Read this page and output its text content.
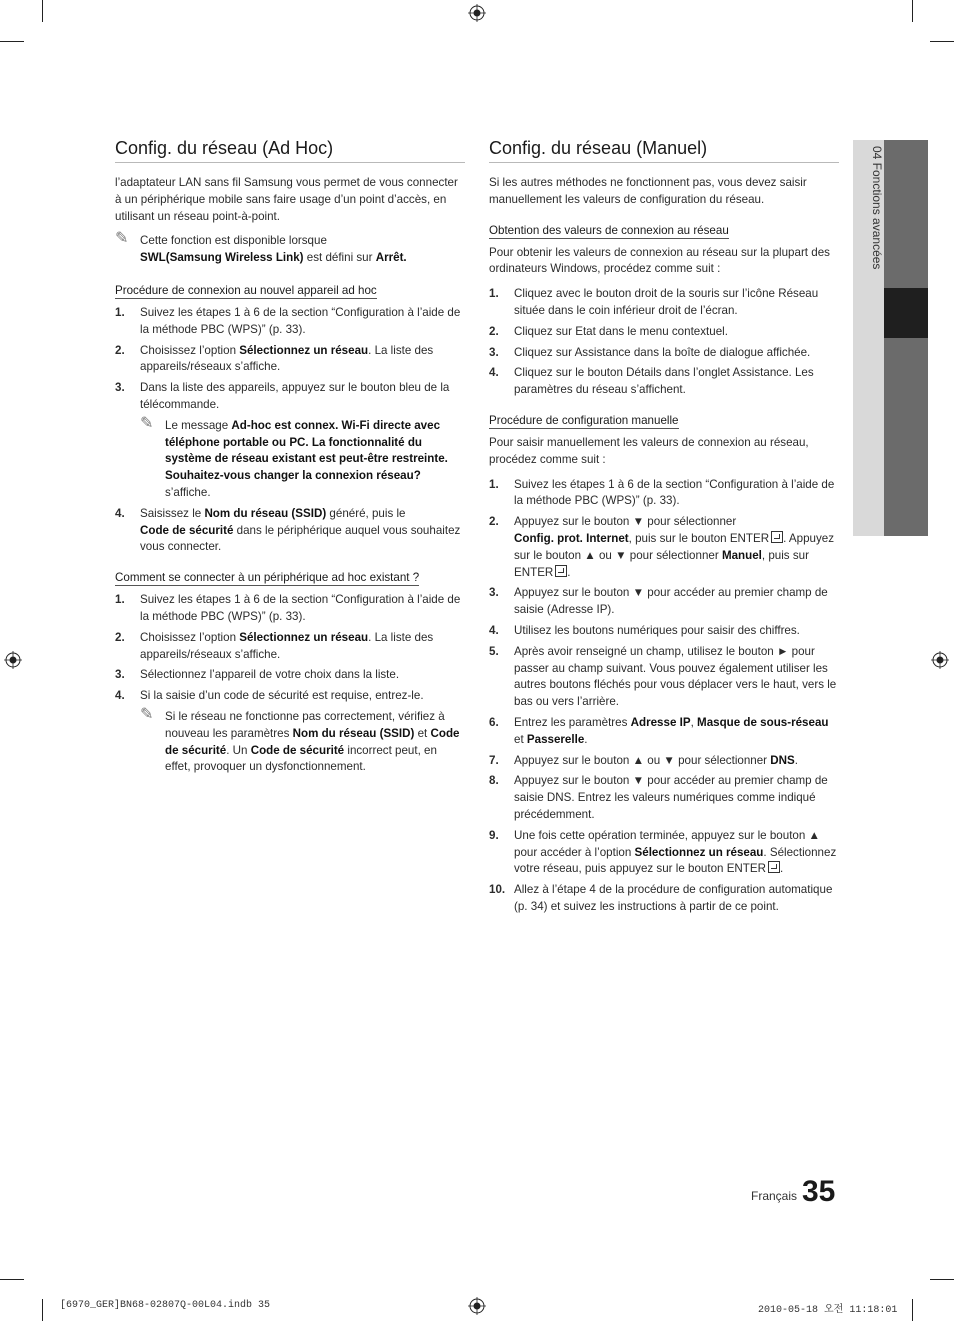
04 Fonctions avancées
Config. du réseau (Ad Hoc)

l’adaptateur LAN sans fil Samsung vous permet de vous connecter à un périphérique mobile sans faire usage d’un point d’accès, en utilisant un réseau point-à-point.

✎ Cette fonction est disponible lorsque
SWL(Samsung Wireless Link) est défini sur Arrêt.
Procédure de connexion au nouvel appareil ad hoc
1. Suivez les étapes 1 à 6 de la section “Configuration à l’aide de la méthode PBC (WPS)” (p. 33).
2. Choisissez l’option Sélectionnez un réseau. La liste des appareils/réseaux s’affiche.
3. Dans la liste des appareils, appuyez sur le bouton bleu de la télécommande.
✎ Le message Ad-hoc est connex. Wi-Fi directe avec téléphone portable ou PC. La fonctionnalité du système de réseau existant est peut-être restreinte. Souhaitez-vous changer la connexion réseau? s’affiche.
4. Saisissez le Nom du réseau (SSID) généré, puis le
Code de sécurité dans le périphérique auquel vous souhaitez vous connecter.
Comment se connecter à un périphérique ad hoc existant ?
1. Suivez les étapes 1 à 6 de la section “Configuration à l’aide de la méthode PBC (WPS)” (p. 33).
2. Choisissez l’option Sélectionnez un réseau. La liste des appareils/réseaux s’affiche.
3. Sélectionnez l’appareil de votre choix dans la liste.
4. Si la saisie d’un code de sécurité est requise, entrez-le.
✎ Si le réseau ne fonctionne pas correctement, vérifiez à nouveau les paramètres Nom du réseau (SSID) et Code de sécurité. Un Code de sécurité incorrect peut, en effet, provoquer un dysfonctionnement.
Config. du réseau (Manuel)

Si les autres méthodes ne fonctionnent pas, vous devez saisir manuellement les valeurs de configuration du réseau.

Obtention des valeurs de connexion au réseau

Pour obtenir les valeurs de connexion au réseau sur la plupart des ordinateurs Windows, procédez comme suit :

1. Cliquez avec le bouton droit de la souris sur l’icône Réseau située dans le coin inférieur droit de l’écran.
2. Cliquez sur Etat dans le menu contextuel.
3. Cliquez sur Assistance dans la boîte de dialogue affichée.
4. Cliquez sur le bouton Détails dans l’onglet Assistance. Les paramètres du réseau s’affichent.
Procédure de configuration manuelle

Pour saisir manuellement les valeurs de connexion au réseau, procédez comme suit :

1. Suivez les étapes 1 à 6 de la section “Configuration à l’aide de la méthode PBC (WPS)” (p. 33).
2. Appuyez sur le bouton ▼ pour sélectionner
Config. prot. Internet, puis sur le bouton ENTER . Appuyez sur le bouton ▲ ou ▼ pour sélectionner Manuel, puis sur ENTER .
3. Appuyez sur le bouton ▼ pour accéder au premier champ de saisie (Adresse IP).
4. Utilisez les boutons numériques pour saisir des chiffres.
5. Après avoir renseigné un champ, utilisez le bouton ► pour passer au champ suivant. Vous pouvez également utiliser les autres boutons fléchés pour vous déplacer vers le haut, vers le bas ou vers l’arrière.
6. Entrez les paramètres Adresse IP, Masque de sous-réseau et Passerelle.
7. Appuyez sur le bouton ▲ ou ▼ pour sélectionner DNS.
8. Appuyez sur le bouton ▼ pour accéder au premier champ de saisie DNS. Entrez les valeurs numériques comme indiqué précédemment.
9. Une fois cette opération terminée, appuyez sur le bouton ▲ pour accéder à l’option Sélectionnez un réseau. Sélectionnez votre réseau, puis appuyez sur le bouton ENTER .
10. Allez à l’étape 4 de la procédure de configuration automatique (p. 34) et suivez les instructions à partir de ce point.
Français 35
[6970_GER]BN68-02807Q-00L04.indb 35	2010-05-18 오전 11:18:01
